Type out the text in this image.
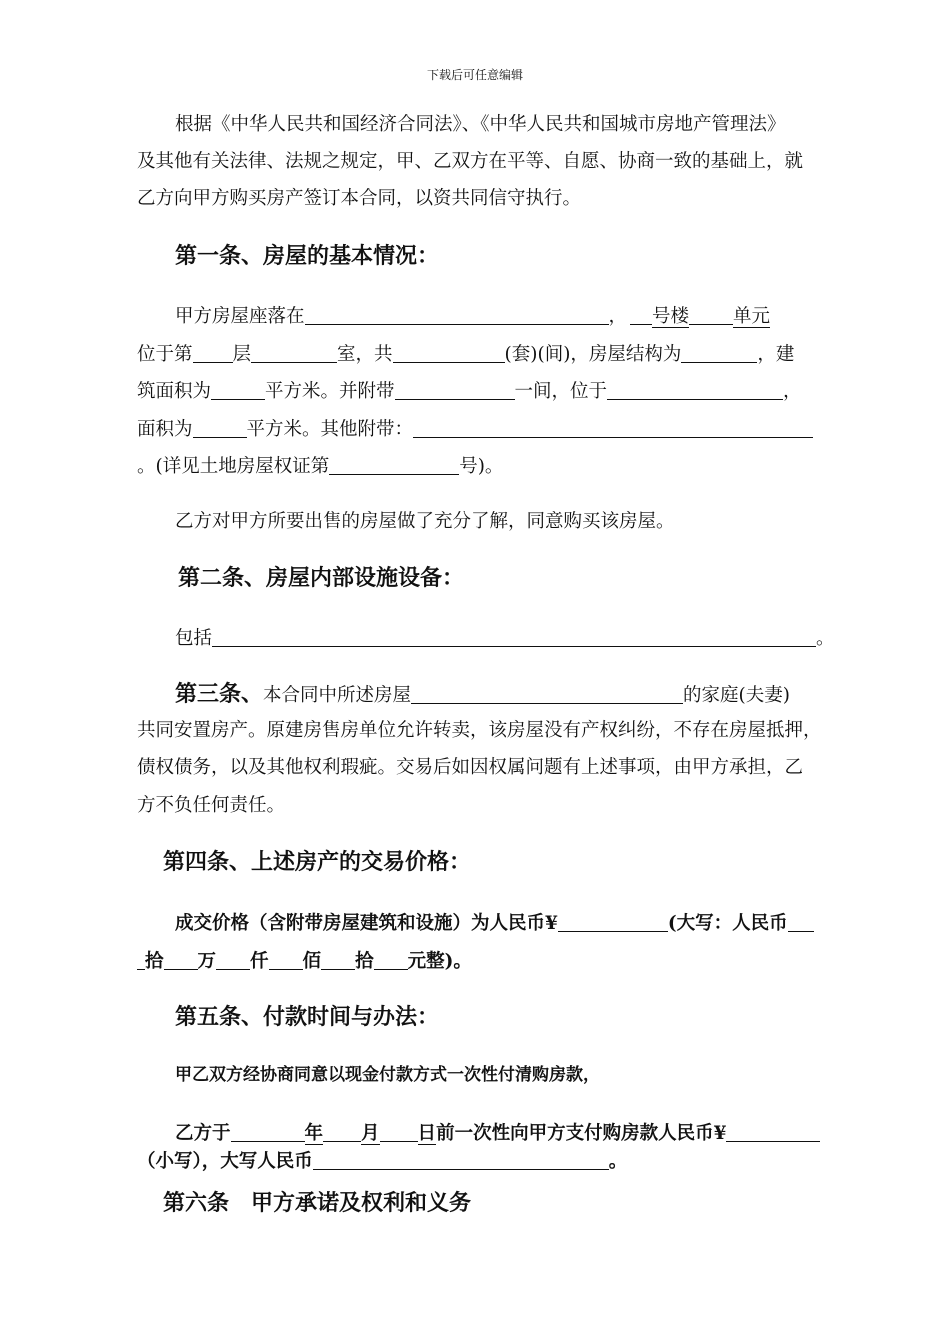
下载后可任意编辑
根据《中华人民共和国经济合同法》、《中华人民共和国城市房地产管理法》
及其他有关法律、法规之规定，甲、乙双方在平等、自愿、协商一致的基础上，就
乙方向甲方购买房产签订本合同，以资共同信守执行。
第一条、房屋的基本情况：
甲方房屋座落在	， 号楼 单元
位于第 层	室，共	(套)(间)，房屋结构为	，建
筑面积为	平方米。并附带	一间，位于	，
面积为	平方米。其他附带：
。(详见土地房屋权证第	号)。
乙方对甲方所要出售的房屋做了充分了解，同意购买该房屋。
第二条、房屋内部设施设备：
包括	。
第三条、本合同中所述房屋	的家庭(夫妻)
共同安置房产。原建房售房单位允许转卖，该房屋没有产权纠纷，不存在房屋抵押，
债权债务，以及其他权利瑕疵。交易后如因权属问题有上述事项，由甲方承担，乙
方不负任何责任。
第四条、上述房产的交易价格：
成交价格（含附带房屋建筑和设施）为人民币¥	(大写：人民币
拾 万 仟 佰 拾 元整)。
第五条、付款时间与办法：
甲乙双方经协商同意以现金付款方式一次性付清购房款，
乙方于	年 月 日前一次性向甲方支付购房款人民币¥
（小写），大写人民币	。
第六条　甲方承诺及权利和义务
